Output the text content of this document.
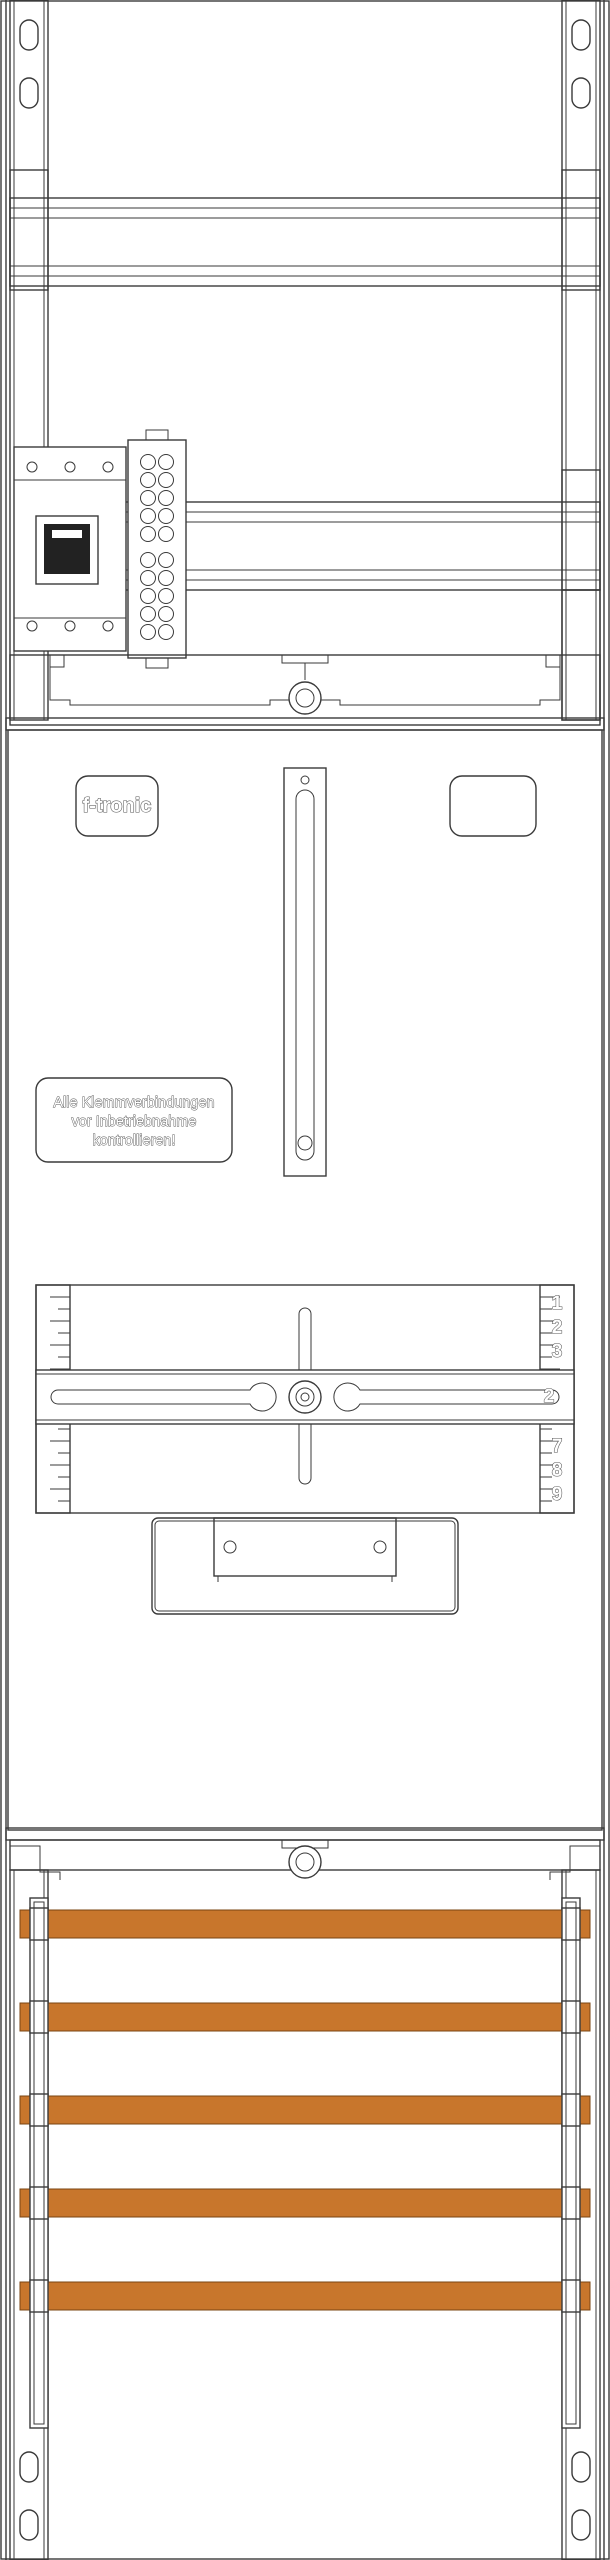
f-tronic
Alle Klemmverbindungen
vor Inbetriebnahme
kontrollieren!
1
2
3
7
8
9
2
